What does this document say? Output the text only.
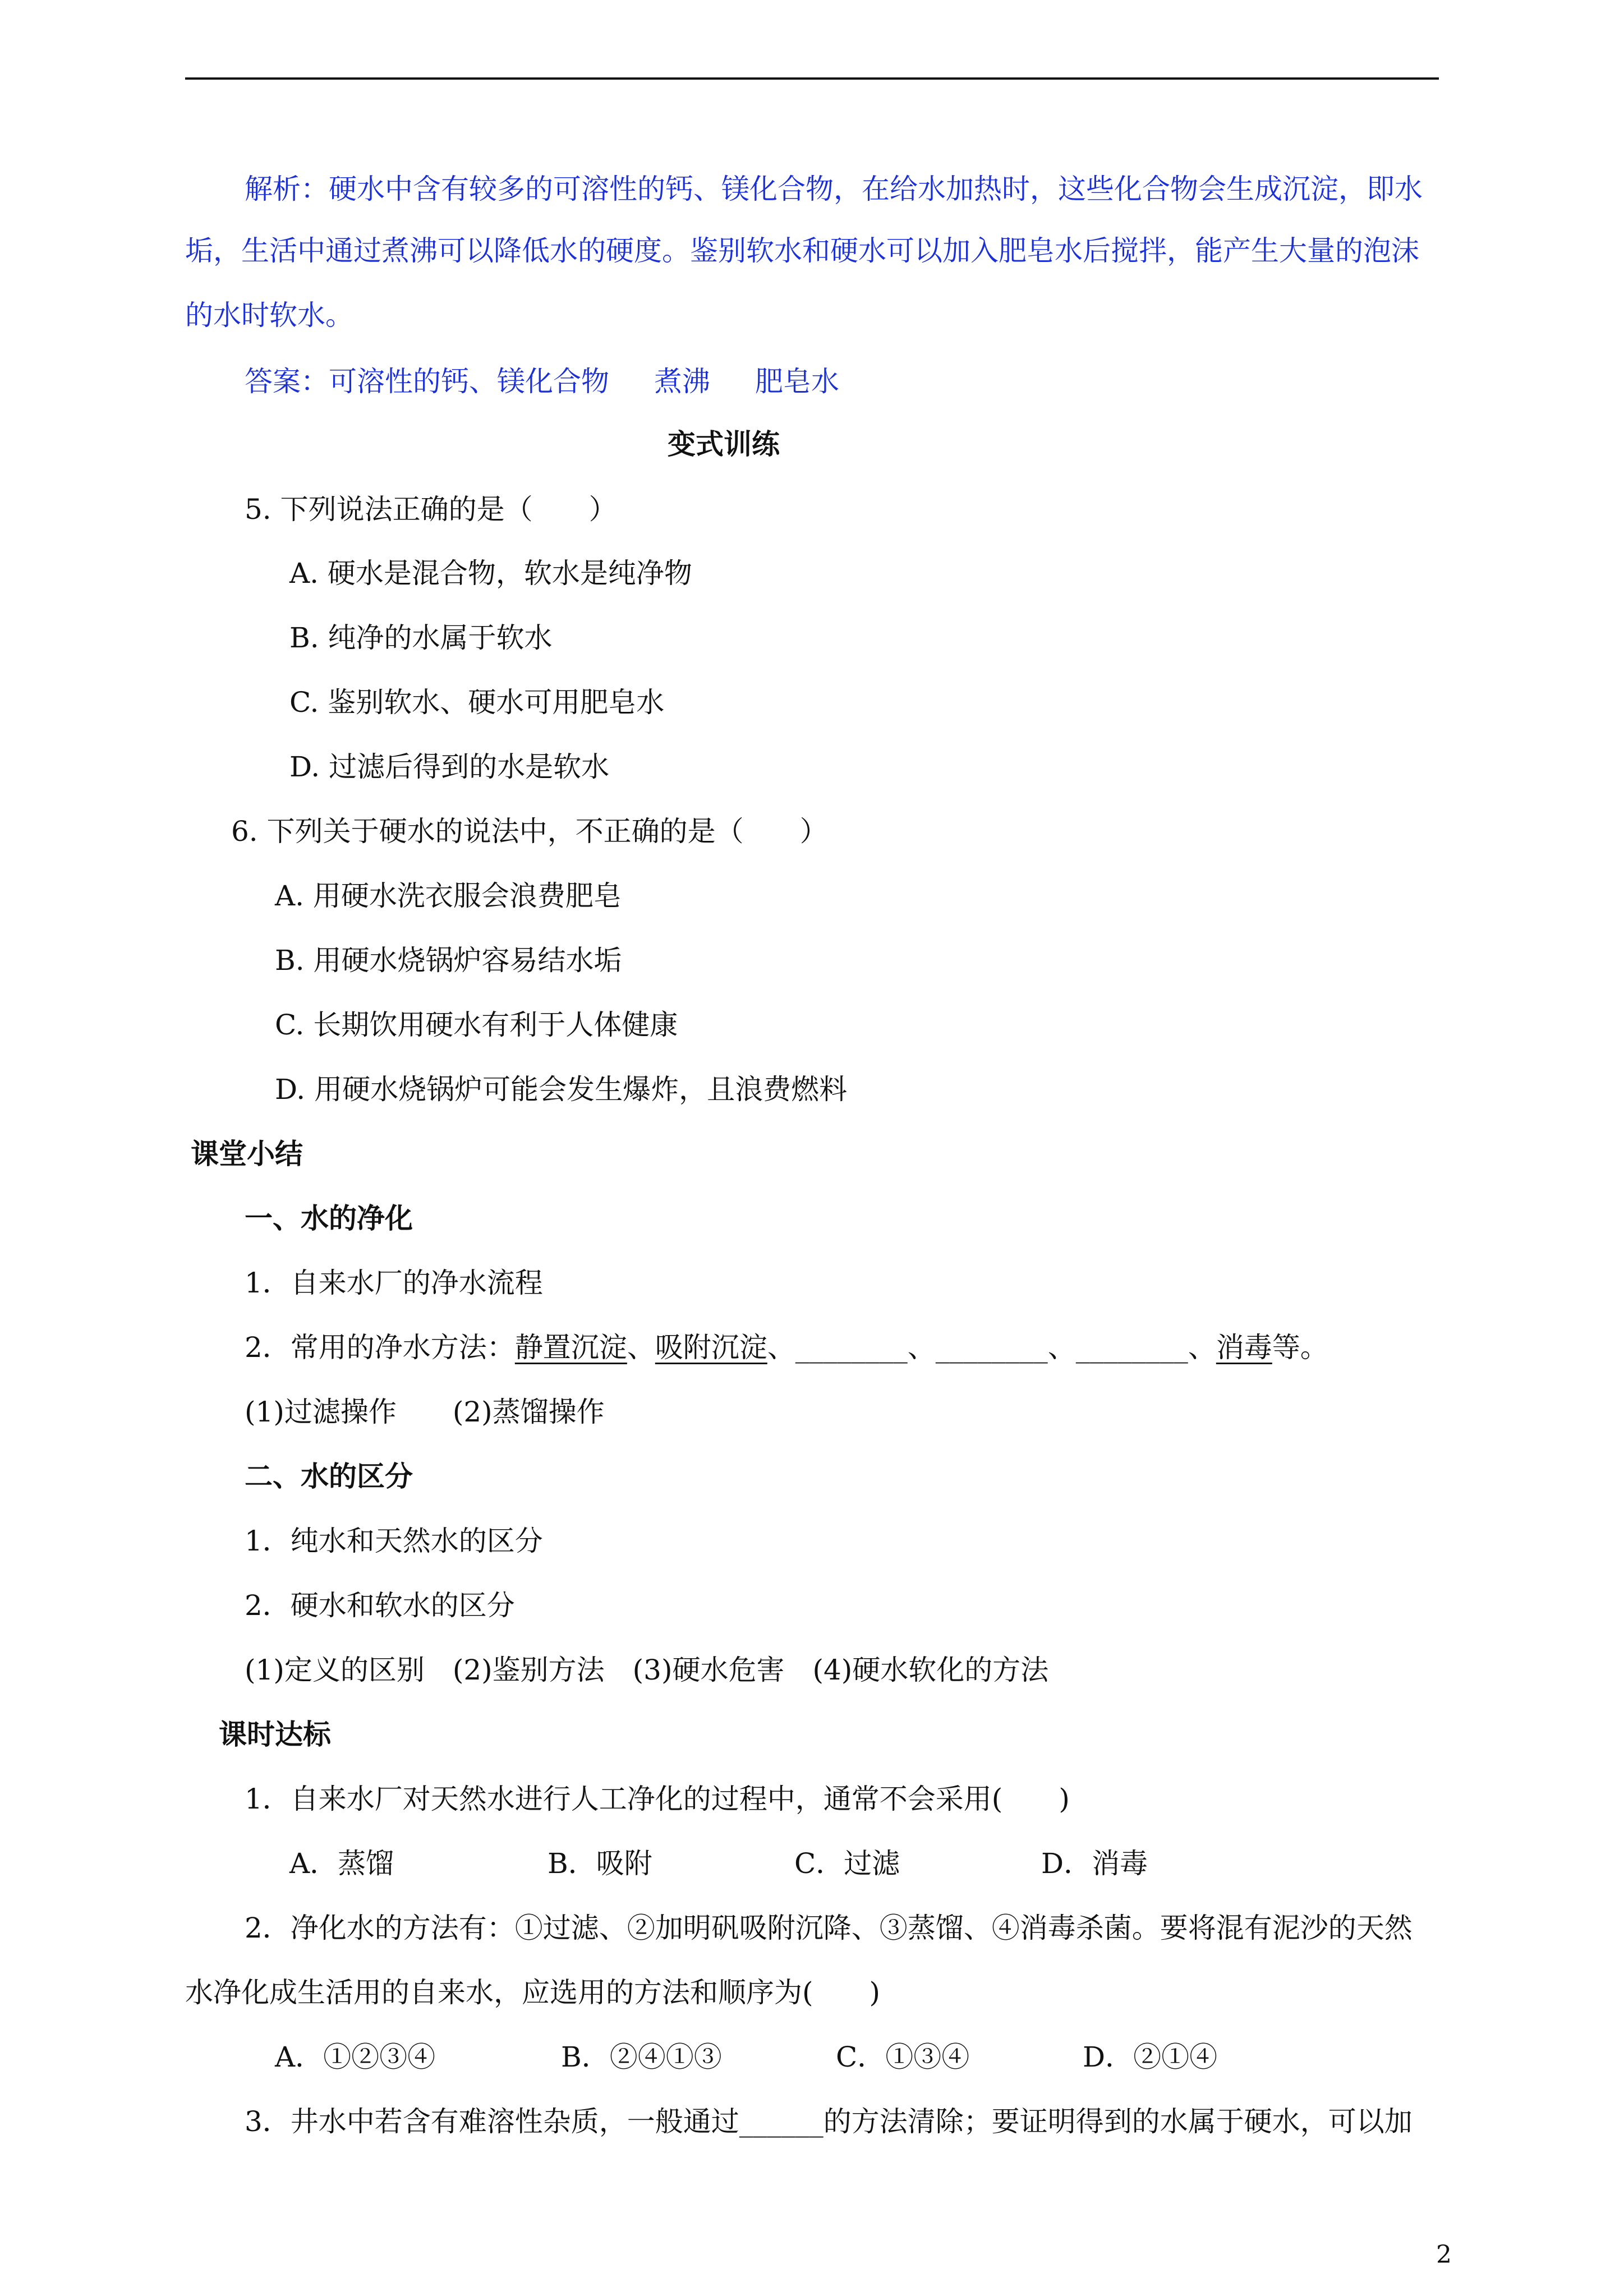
解析：硬水中含有较多的可溶性的钙、镁化合物，在给水加热时，这些化合物会生成沉淀，即水
垢，生活中通过煮沸可以降低水的硬度。鉴别软水和硬水可以加入肥皂水后搅拌，能产生大量的泡沫
的水时软水。
答案：可溶性的钙、镁化合物 煮沸 肥皂水
变式训练
5. 下列说法正确的是（　　）
A. 硬水是混合物，软水是纯净物
B. 纯净的水属于软水
C. 鉴别软水、硬水可用肥皂水
D. 过滤后得到的水是软水
6. 下列关于硬水的说法中，不正确的是（　　）
A. 用硬水洗衣服会浪费肥皂
B. 用硬水烧锅炉容易结水垢
C. 长期饮用硬水有利于人体健康
D. 用硬水烧锅炉可能会发生爆炸，且浪费燃料
课堂小结
一、水的净化
1．自来水厂的净水流程
2．常用的净水方法：静置沉淀、吸附沉淀、________、________、________、消毒等。
(1)过滤操作　　(2)蒸馏操作
二、水的区分
1．纯水和天然水的区分
2．硬水和软水的区分
(1)定义的区别　(2)鉴别方法　(3)硬水危害　(4)硬水软化的方法
课时达标
1．自来水厂对天然水进行人工净化的过程中，通常不会采用(　　)
A．蒸馏	B．吸附	C．过滤	D．消毒
2．净化水的方法有：①过滤、②加明矾吸附沉降、③蒸馏、④消毒杀菌。要将混有泥沙的天然
水净化成生活用的自来水，应选用的方法和顺序为(　　)
A．①②③④	B．②④①③	C．①③④	D．②①④
3．井水中若含有难溶性杂质，一般通过______的方法清除；要证明得到的水属于硬水，可以加
2
